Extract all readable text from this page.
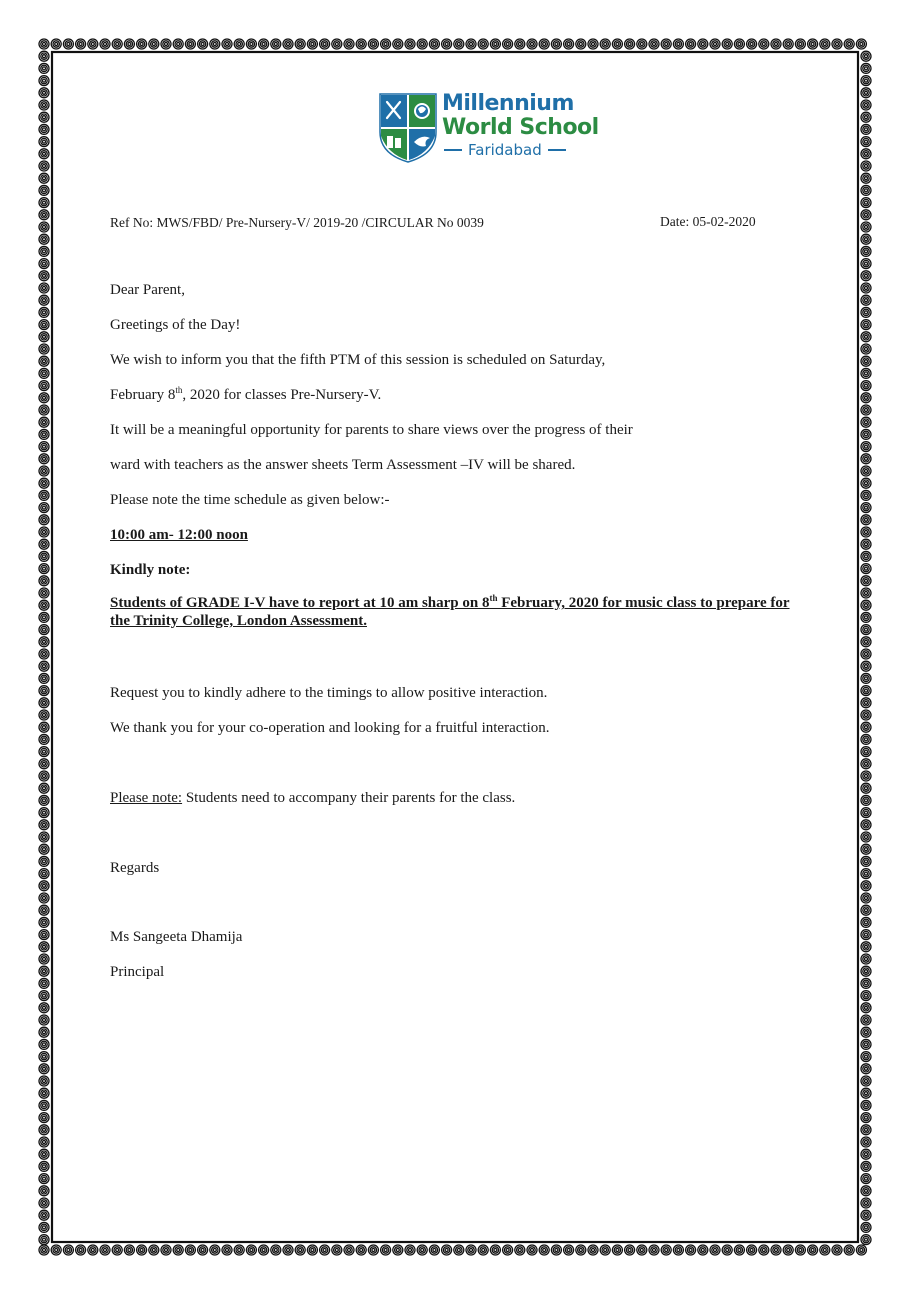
Millennium
World School
Faridabad
Ref No: MWS/FBD/ Pre-Nursery-V/ 2019-20 /CIRCULAR No 0039	Date: 05-02-2020
Dear Parent,
Greetings of the Day!
We wish to inform you that the fifth PTM of this session is scheduled on Saturday,
February 8th, 2020 for classes Pre-Nursery-V.
It will be a meaningful opportunity for parents to share views over the progress of their
ward with teachers as the answer sheets Term Assessment –IV will be shared.
Please note the time schedule as given below:-
10:00 am- 12:00 noon
Kindly note:
Students of GRADE I-V have to report at 10 am sharp on 8th February, 2020 for music class to prepare for the Trinity College, London Assessment.
Request you to kindly adhere to the timings to allow positive interaction.
We thank you for your co-operation and looking for a fruitful interaction.
Please note: Students need to accompany their parents for the class.
Regards
Ms Sangeeta Dhamija
Principal
